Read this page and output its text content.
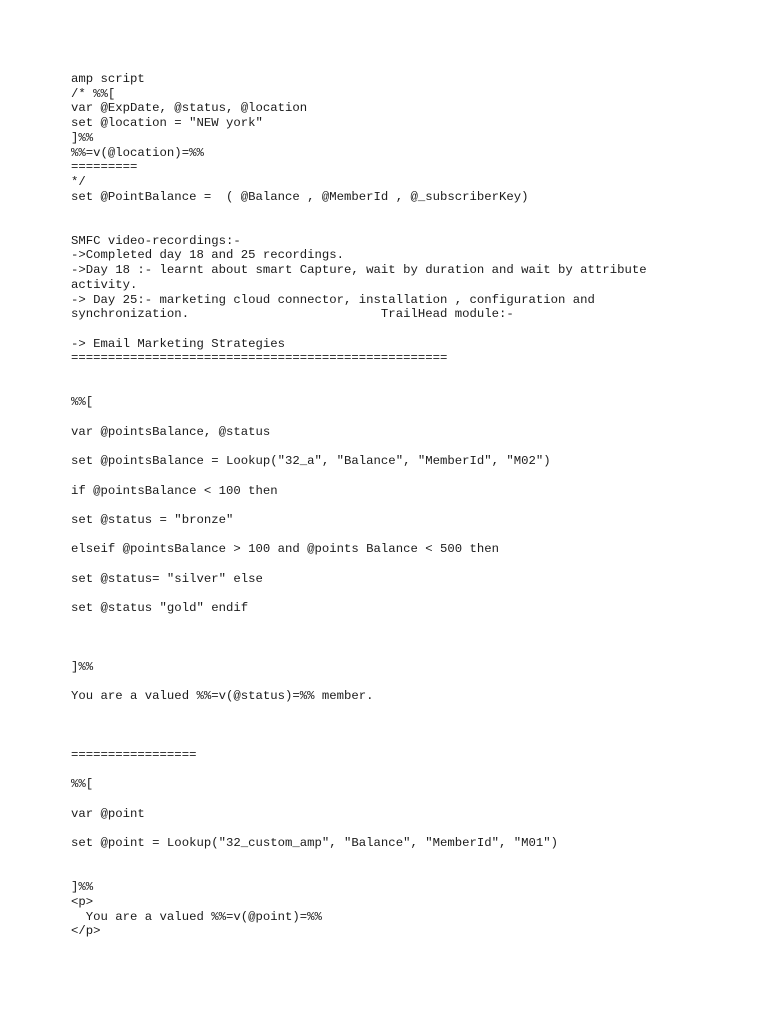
amp script
/* %%[
var @ExpDate, @status, @location
set @location = "NEW york"
]%%
%%=v(@location)=%%
=========
*/
set @PointBalance =  ( @Balance , @MemberId , @_subscriberKey)
SMFC video-recordings:-
->Completed day 18 and 25 recordings.
->Day 18 :- learnt about smart Capture, wait by duration and wait by attribute
activity.
-> Day 25:- marketing cloud connector, installation , configuration and
synchronization.                          TrailHead module:-
-> Email Marketing Strategies
===================================================
%%[
var @pointsBalance, @status
set @pointsBalance = Lookup("32_a", "Balance", "MemberId", "M02")
if @pointsBalance < 100 then
set @status = "bronze"
elseif @pointsBalance > 100 and @points Balance < 500 then
set @status= "silver" else
set @status "gold" endif
]%%
You are a valued %%=v(@status)=%% member.
=================
%%[
var @point
set @point = Lookup("32_custom_amp", "Balance", "MemberId", "M01")
]%%
<p>
You are a valued %%=v(@point)=%%
</p>
